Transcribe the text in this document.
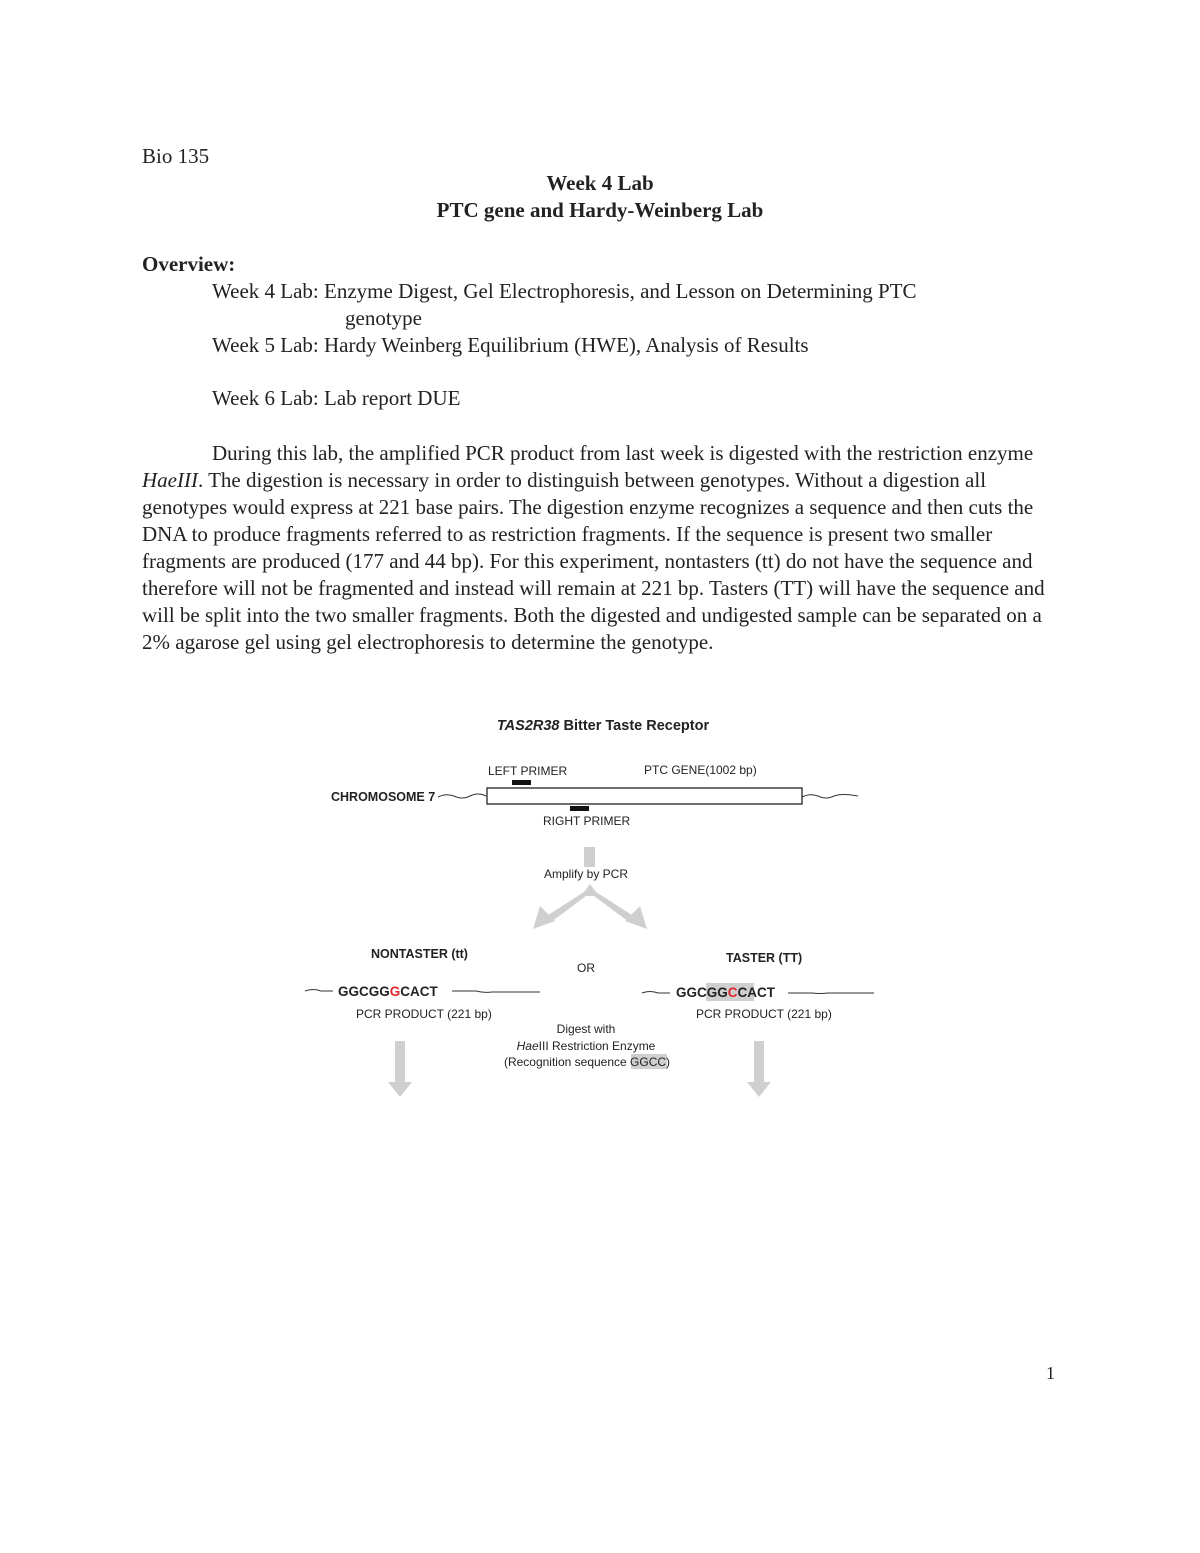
Bio 135
Week 4 Lab
PTC gene and Hardy-Weinberg Lab
Overview:
Week 4 Lab: Enzyme Digest, Gel Electrophoresis, and Lesson on Determining PTC
genotype
Week 5 Lab: Hardy Weinberg Equilibrium (HWE), Analysis of Results
Week 6 Lab: Lab report DUE

During this lab, the amplified PCR product from last week is digested with the restriction enzyme HaeIII. The digestion is necessary in order to distinguish between genotypes. Without a digestion all genotypes would express at 221 base pairs. The digestion enzyme recognizes a sequence and then cuts the DNA to produce fragments referred to as restriction fragments. If the sequence is present two smaller fragments are produced (177 and 44 bp). For this experiment, nontasters (tt) do not have the sequence and therefore will not be fragmented and instead will remain at 221 bp. Tasters (TT) will have the sequence and will be split into the two smaller fragments. Both the digested and undigested sample can be separated on a 2% agarose gel using gel electrophoresis to determine the genotype.

TAS2R38 Bitter Taste Receptor
CHROMOSOME 7
LEFT PRIMER	PTC GENE(1002 bp)
RIGHT PRIMER
Amplify by PCR
NONTASTER (tt)
OR
TASTER (TT)
GGCGGGCACT
PCR PRODUCT (221 bp)
GGCGGCCACT
PCR PRODUCT (221 bp)
Digest with
HaeIII Restriction Enzyme
(Recognition sequence GGCC)
1
